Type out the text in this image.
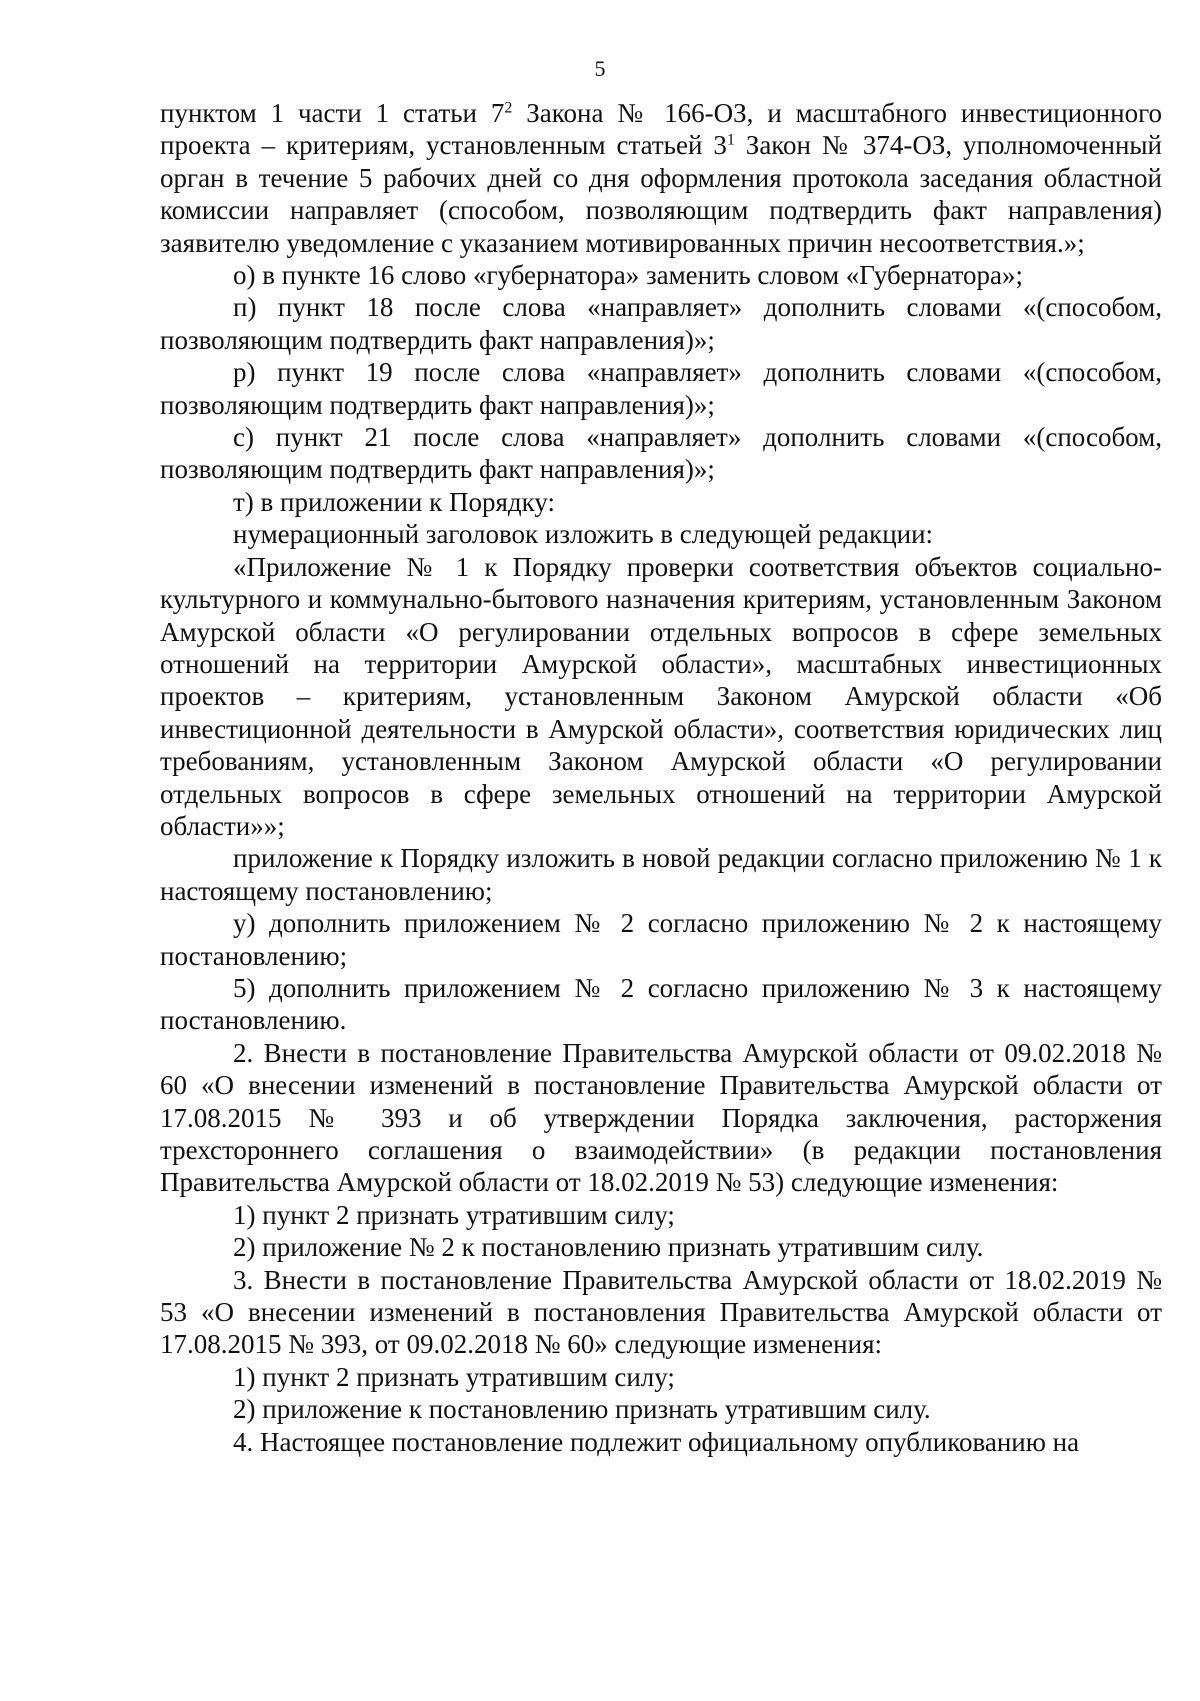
5

пунктом 1 части 1 статьи $7^2$ Закона № 166-ОЗ, и масштабного инвестиционного проекта – критериям, установленным статьей $3^1$ Закон № 374-ОЗ, уполномоченный орган в течение 5 рабочих дней со дня оформления протокола заседания областной комиссии направляет (способом, позволяющим подтвердить факт направления) заявителю уведомление с указанием мотивированных причин несоответствия.»;

о) в пункте 16 слово «губернатора» заменить словом «Губернатора»;

п) пункт 18 после слова «направляет» дополнить словами «(способом, позволяющим подтвердить факт направления)»;

р) пункт 19 после слова «направляет» дополнить словами «(способом, позволяющим подтвердить факт направления)»;

с) пункт 21 после слова «направляет» дополнить словами «(способом, позволяющим подтвердить факт направления)»;

т) в приложении к Порядку:

нумерационный заголовок изложить в следующей редакции:

«Приложение № 1 к Порядку проверки соответствия объектов социально-культурного и коммунально-бытового назначения критериям, установленным Законом Амурской области «О регулировании отдельных вопросов в сфере земельных отношений на территории Амурской области», масштабных инвестиционных проектов – критериям, установленным Законом Амурской области «Об инвестиционной деятельности в Амурской области», соответствия юридических лиц требованиям, установленным Законом Амурской области «О регулировании отдельных вопросов в сфере земельных отношений на территории Амурской области»»;

приложение к Порядку изложить в новой редакции согласно приложению № 1 к настоящему постановлению;

у) дополнить приложением № 2 согласно приложению № 2 к настоящему постановлению;

5) дополнить приложением № 2 согласно приложению № 3 к настоящему постановлению.

2. Внести в постановление Правительства Амурской области от 09.02.2018 № 60 «О внесении изменений в постановление Правительства Амурской области от 17.08.2015 № 393 и об утверждении Порядка заключения, расторжения трехстороннего соглашения о взаимодействии» (в редакции постановления Правительства Амурской области от 18.02.2019 № 53) следующие изменения:

1) пункт 2 признать утратившим силу;

2) приложение № 2 к постановлению признать утратившим силу.

3. Внести в постановление Правительства Амурской области от 18.02.2019 № 53 «О внесении изменений в постановления Правительства Амурской области от 17.08.2015 № 393, от 09.02.2018 № 60» следующие изменения:

1) пункт 2 признать утратившим силу;

2) приложение к постановлению признать утратившим силу.

4. Настоящее постановление подлежит официальному опубликованию на
